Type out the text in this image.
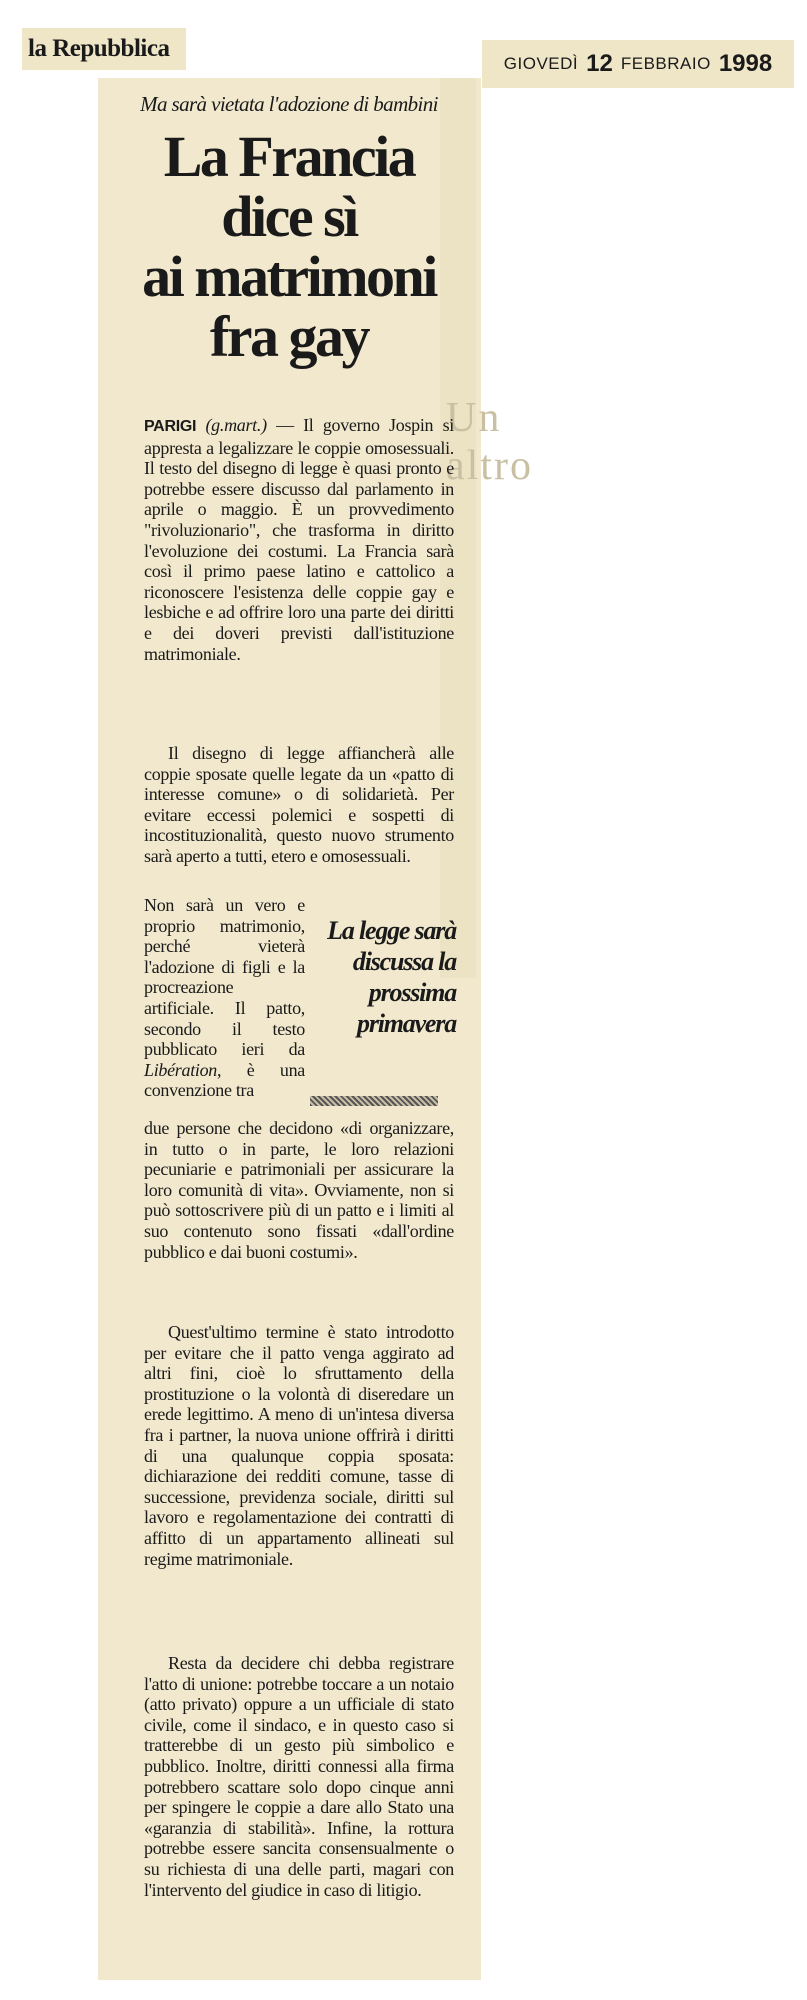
la Repubblica
GIOVEDÌ 12 FEBBRAIO 1998
Un altro
Ma sarà vietata l'adozione di bambini
La Francia
dice sì
ai matrimoni
fra gay
PARIGI (g.mart.) — Il governo Jospin si appresta a legalizzare le coppie omosessuali. Il testo del disegno di legge è quasi pronto e potrebbe essere discusso dal parlamento in aprile o maggio. È un provvedimento "rivoluzionario", che trasforma in diritto l'evoluzione dei costumi. La Francia sarà così il primo paese latino e cattolico a riconoscere l'esistenza delle coppie gay e lesbiche e ad offrire loro una parte dei diritti e dei doveri previsti dall'istituzione matrimoniale.
Il disegno di legge affiancherà alle coppie sposate quelle legate da un «patto di interesse comune» o di solidarietà. Per evitare eccessi polemici e sospetti di incostituzionalità, questo nuovo strumento sarà aperto a tutti, etero e omosessuali.
Non sarà un vero e proprio matrimonio, perché vieterà l'adozione di figli e la procreazione artificiale. Il patto, secondo il testo pubblicato ieri da Libération, è una convenzione tra
La legge sarà discussa la prossima primavera
due persone che decidono «di organizzare, in tutto o in parte, le loro relazioni pecuniarie e patrimoniali per assicurare la loro comunità di vita». Ovviamente, non si può sottoscrivere più di un patto e i limiti al suo contenuto sono fissati «dall'ordine pubblico e dai buoni costumi».
Quest'ultimo termine è stato introdotto per evitare che il patto venga aggirato ad altri fini, cioè lo sfruttamento della prostituzione o la volontà di diseredare un erede legittimo. A meno di un'intesa diversa fra i partner, la nuova unione offrirà i diritti di una qualunque coppia sposata: dichiarazione dei redditi comune, tasse di successione, previdenza sociale, diritti sul lavoro e regolamentazione dei contratti di affitto di un appartamento allineati sul regime matrimoniale.
Resta da decidere chi debba registrare l'atto di unione: potrebbe toccare a un notaio (atto privato) oppure a un ufficiale di stato civile, come il sindaco, e in questo caso si tratterebbe di un gesto più simbolico e pubblico. Inoltre, diritti connessi alla firma potrebbero scattare solo dopo cinque anni per spingere le coppie a dare allo Stato una «garanzia di stabilità». Infine, la rottura potrebbe essere sancita consensualmente o su richiesta di una delle parti, magari con l'intervento del giudice in caso di litigio.
